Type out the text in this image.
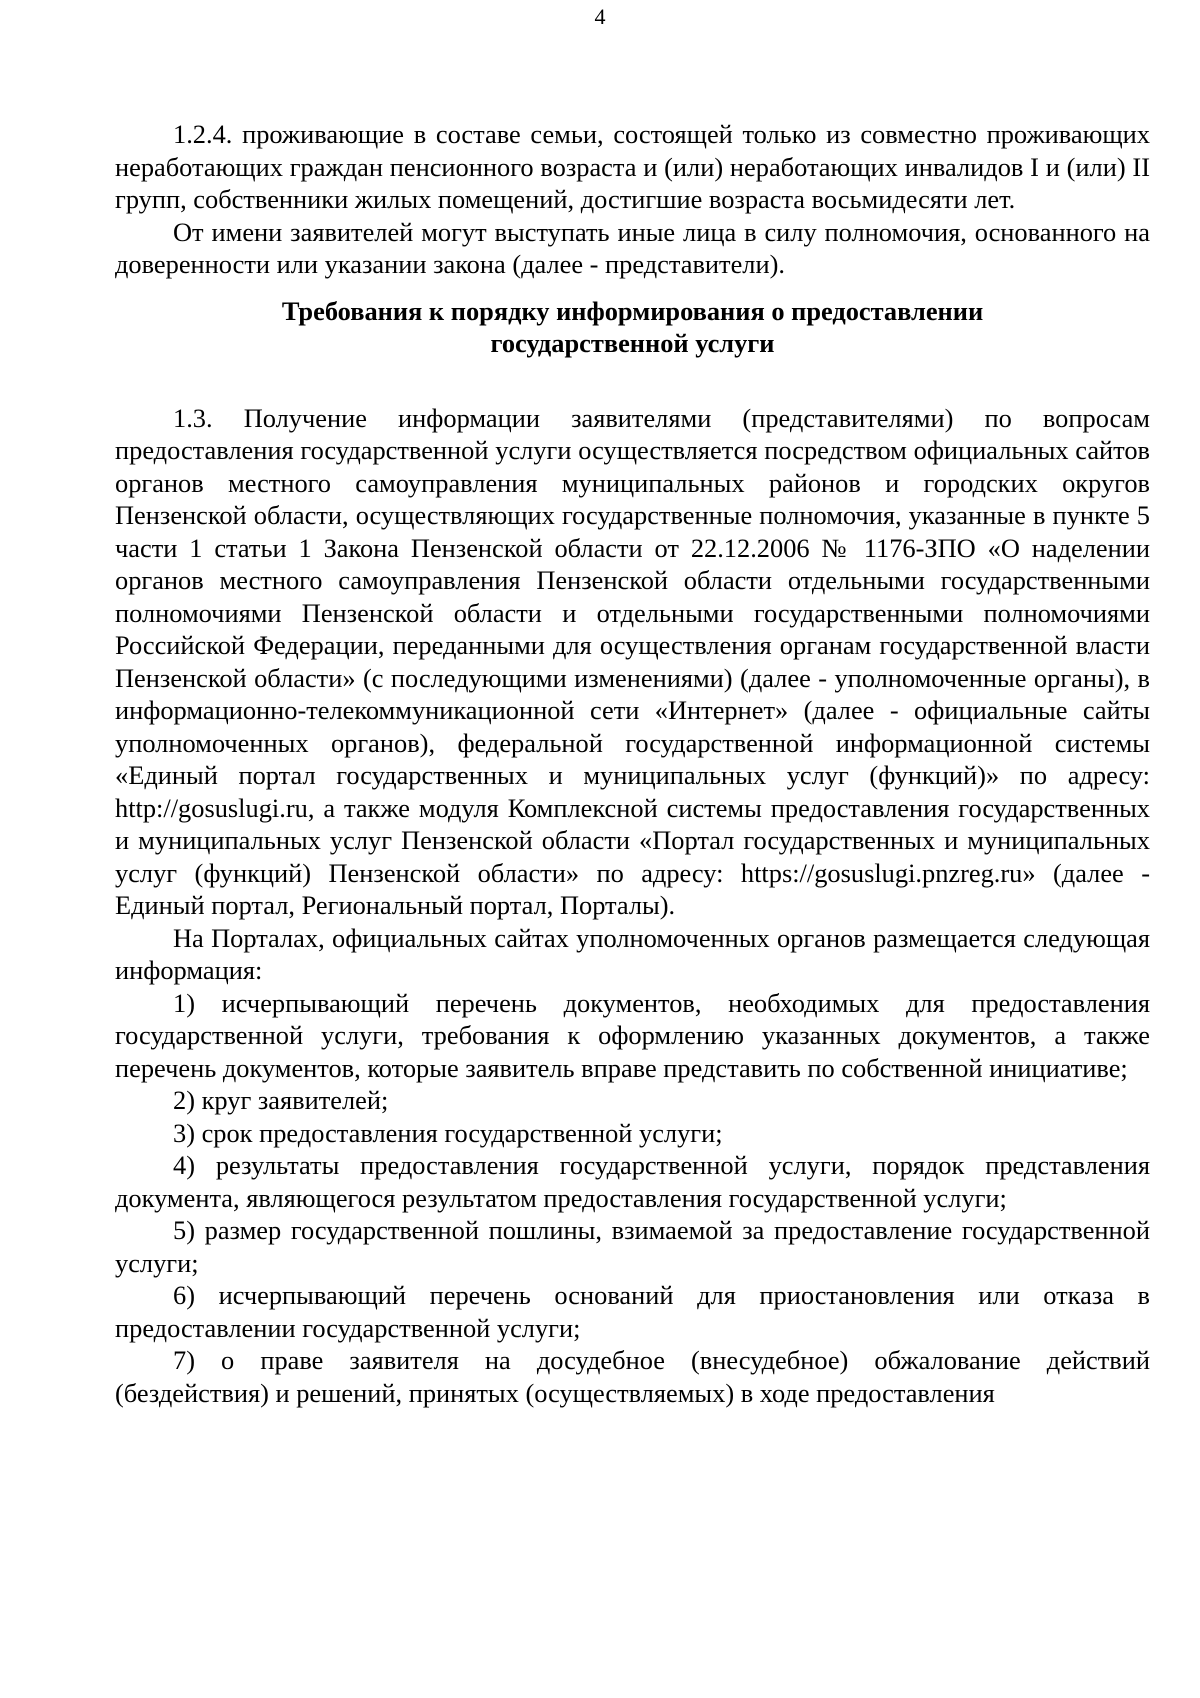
4

1.2.4. проживающие в составе семьи, состоящей только из совместно проживающих неработающих граждан пенсионного возраста и (или) неработающих инвалидов I и (или) II групп, собственники жилых помещений, достигшие возраста восьмидесяти лет.

От имени заявителей могут выступать иные лица в силу полномочия, основанного на доверенности или указании закона (далее - представители).

Требования к порядку информирования о предоставлении
государственной услуги

1.3. Получение информации заявителями (представителями) по вопросам предоставления государственной услуги осуществляется посредством официальных сайтов органов местного самоуправления муниципальных районов и городских округов Пензенской области, осуществляющих государственные полномочия, указанные в пункте 5 части 1 статьи 1 Закона Пензенской области от 22.12.2006 № 1176-ЗПО «О наделении органов местного самоуправления Пензенской области отдельными государственными полномочиями Пензенской области и отдельными государственными полномочиями Российской Федерации, переданными для осуществления органам государственной власти Пензенской области» (с последующими изменениями) (далее - уполномоченные органы), в информационно-телекоммуникационной сети «Интернет» (далее - официальные сайты уполномоченных органов), федеральной государственной информационной системы «Единый портал государственных и муниципальных услуг (функций)» по адресу: http://gosuslugi.ru, а также модуля Комплексной системы предоставления государственных и муниципальных услуг Пензенской области «Портал государственных и муниципальных услуг (функций) Пензенской области» по адресу: https://gosuslugi.pnzreg.ru» (далее - Единый портал, Региональный портал, Порталы).

На Порталах, официальных сайтах уполномоченных органов размещается следующая информация:

1) исчерпывающий перечень документов, необходимых для предоставления государственной услуги, требования к оформлению указанных документов, а также перечень документов, которые заявитель вправе представить по собственной инициативе;

2) круг заявителей;

3) срок предоставления государственной услуги;

4) результаты предоставления государственной услуги, порядок представления документа, являющегося результатом предоставления государственной услуги;

5) размер государственной пошлины, взимаемой за предоставление государственной услуги;

6) исчерпывающий перечень оснований для приостановления или отказа в предоставлении государственной услуги;

7) о праве заявителя на досудебное (внесудебное) обжалование действий (бездействия) и решений, принятых (осуществляемых) в ходе предоставления
